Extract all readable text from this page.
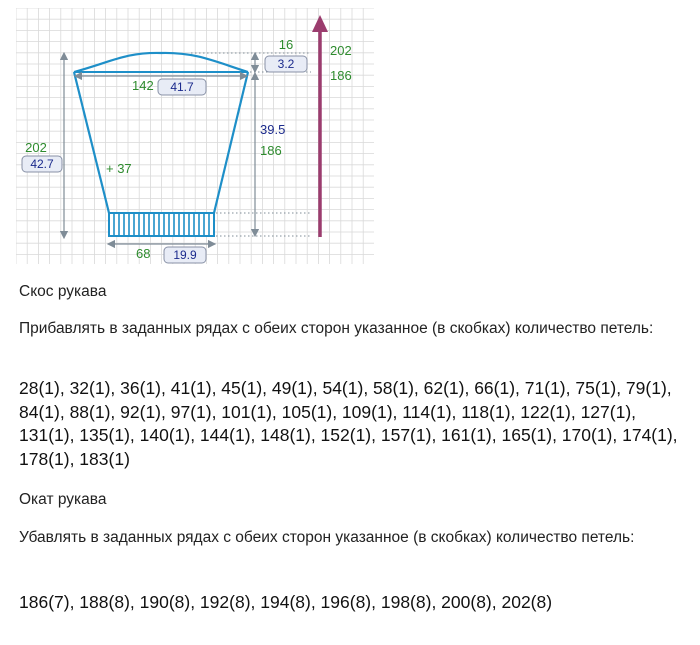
142 41.7
16
3.2
202
186
202
42.7	+ 37
39.5
186
68 19.9

Скос рукава

Прибавлять в заданных рядах с обеих сторон указанное (в скобках) количество петель:

28(1), 32(1), 36(1), 41(1), 45(1), 49(1), 54(1), 58(1), 62(1), 66(1), 71(1), 75(1), 79(1), 84(1), 88(1), 92(1), 97(1), 101(1), 105(1), 109(1), 114(1), 118(1), 122(1), 127(1), 131(1), 135(1), 140(1), 144(1), 148(1), 152(1), 157(1), 161(1), 165(1), 170(1), 174(1), 178(1), 183(1)

Окат рукава

Убавлять в заданных рядах с обеих сторон указанное (в скобках) количество петель:

186(7), 188(8), 190(8), 192(8), 194(8), 196(8), 198(8), 200(8), 202(8)
